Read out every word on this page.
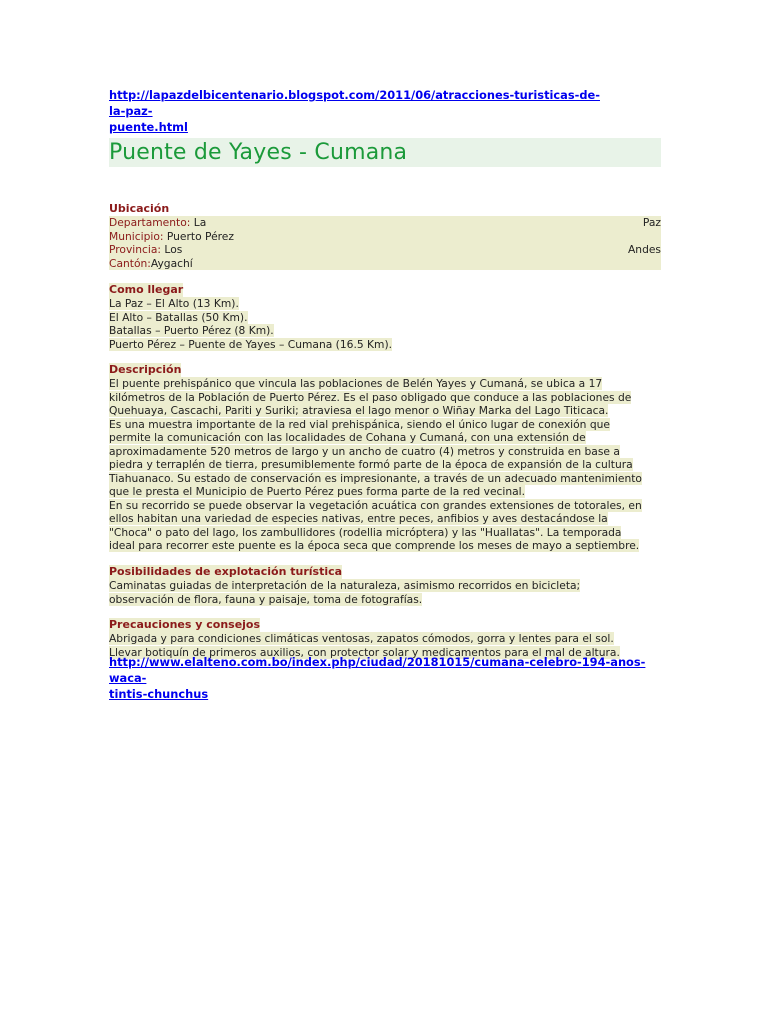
http://lapazdelbicentenario.blogspot.com/2011/06/atracciones-turisticas-de-la-paz-
puente.html
Puente de Yayes - Cumana
Ubicación
Departamento: La	Paz
Municipio: Puerto Pérez
Provincia: Los	Andes
Cantón:Aygachí
Como llegar
La Paz – El Alto (13 Km).
El Alto – Batallas (50 Km).
Batallas – Puerto Pérez (8 Km).
Puerto Pérez – Puente de Yayes – Cumana (16.5 Km).
Descripción
El puente prehispánico que vincula las poblaciones de Belén Yayes y Cumaná, se ubica a 17
kilómetros de la Población de Puerto Pérez. Es el paso obligado que conduce a las poblaciones de
Quehuaya, Cascachi, Pariti y Suriki; atraviesa el lago menor o Wiñay Marka del Lago Titicaca.
Es una muestra importante de la red vial prehispánica, siendo el único lugar de conexión que
permite la comunicación con las localidades de Cohana y Cumaná, con una extensión de
aproximadamente 520 metros de largo y un ancho de cuatro (4) metros y construida en base a
piedra y terraplén de tierra, presumiblemente formó parte de la época de expansión de la cultura
Tiahuanaco. Su estado de conservación es impresionante, a través de un adecuado mantenimiento
que le presta el Municipio de Puerto Pérez pues forma parte de la red vecinal.
En su recorrido se puede observar la vegetación acuática con grandes extensiones de totorales, en
ellos habitan una variedad de especies nativas, entre peces, anfibios y aves destacándose la
"Choca" o pato del lago, los zambullidores (rodellia micróptera) y las "Huallatas". La temporada
ideal para recorrer este puente es la época seca que comprende los meses de mayo a septiembre.
Posibilidades de explotación turística
Caminatas guiadas de interpretación de la naturaleza, asimismo recorridos en bicicleta;
observación de flora, fauna y paisaje, toma de fotografías.
Precauciones y consejos
Abrigada y para condiciones climáticas ventosas, zapatos cómodos, gorra y lentes para el sol.
Llevar botiquín de primeros auxilios, con protector solar y medicamentos para el mal de altura.
http://www.elalteno.com.bo/index.php/ciudad/20181015/cumana-celebro-194-anos-waca-
tintis-chunchus
